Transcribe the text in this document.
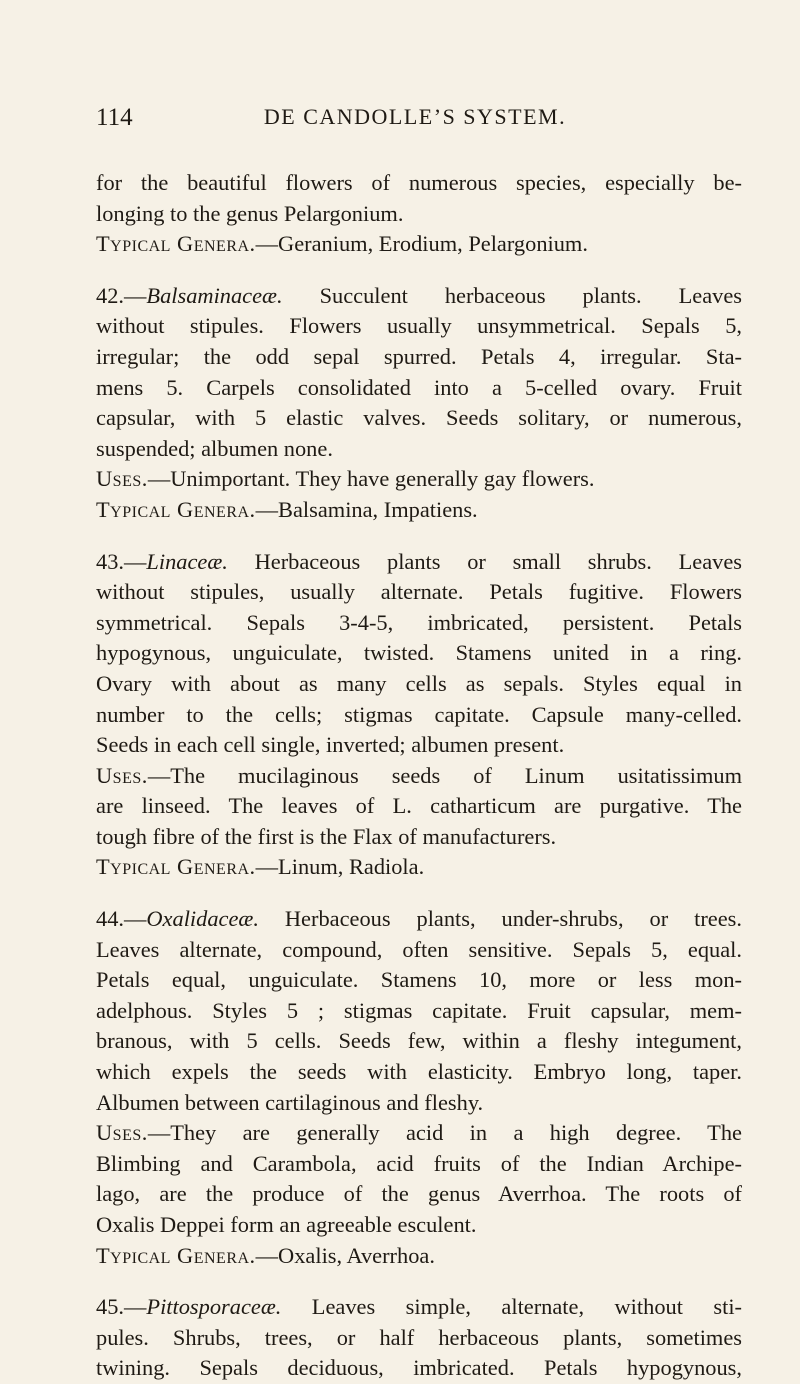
114	DE CANDOLLE’S SYSTEM.

for the beautiful flowers of numerous species, especially be-
longing to the genus Pelargonium.
Typical Genera.—Geranium, Erodium, Pelargonium.

42.—Balsaminaceæ. Succulent herbaceous plants. Leaves
without stipules. Flowers usually unsymmetrical. Sepals 5,
irregular; the odd sepal spurred. Petals 4, irregular. Sta-
mens 5. Carpels consolidated into a 5-celled ovary. Fruit
capsular, with 5 elastic valves. Seeds solitary, or numerous,
suspended; albumen none.
Uses.—Unimportant. They have generally gay flowers.
Typical Genera.—Balsamina, Impatiens.

43.—Linaceæ. Herbaceous plants or small shrubs. Leaves
without stipules, usually alternate. Petals fugitive. Flowers
symmetrical. Sepals 3-4-5, imbricated, persistent. Petals
hypogynous, unguiculate, twisted. Stamens united in a ring.
Ovary with about as many cells as sepals. Styles equal in
number to the cells; stigmas capitate. Capsule many-celled.
Seeds in each cell single, inverted; albumen present.
Uses.—The mucilaginous seeds of Linum usitatissimum
are linseed. The leaves of L. catharticum are purgative. The
tough fibre of the first is the Flax of manufacturers.
Typical Genera.—Linum, Radiola.

44.—Oxalidaceæ. Herbaceous plants, under-shrubs, or trees.
Leaves alternate, compound, often sensitive. Sepals 5, equal.
Petals equal, unguiculate. Stamens 10, more or less mon-
adelphous. Styles 5 ; stigmas capitate. Fruit capsular, mem-
branous, with 5 cells. Seeds few, within a fleshy integument,
which expels the seeds with elasticity. Embryo long, taper.
Albumen between cartilaginous and fleshy.
Uses.—They are generally acid in a high degree. The
Blimbing and Carambola, acid fruits of the Indian Archipe-
lago, are the produce of the genus Averrhoa. The roots of
Oxalis Deppei form an agreeable esculent.
Typical Genera.—Oxalis, Averrhoa.

45.—Pittosporaceæ. Leaves simple, alternate, without sti-
pules. Shrubs, trees, or half herbaceous plants, sometimes
twining. Sepals deciduous, imbricated. Petals hypogynous,
